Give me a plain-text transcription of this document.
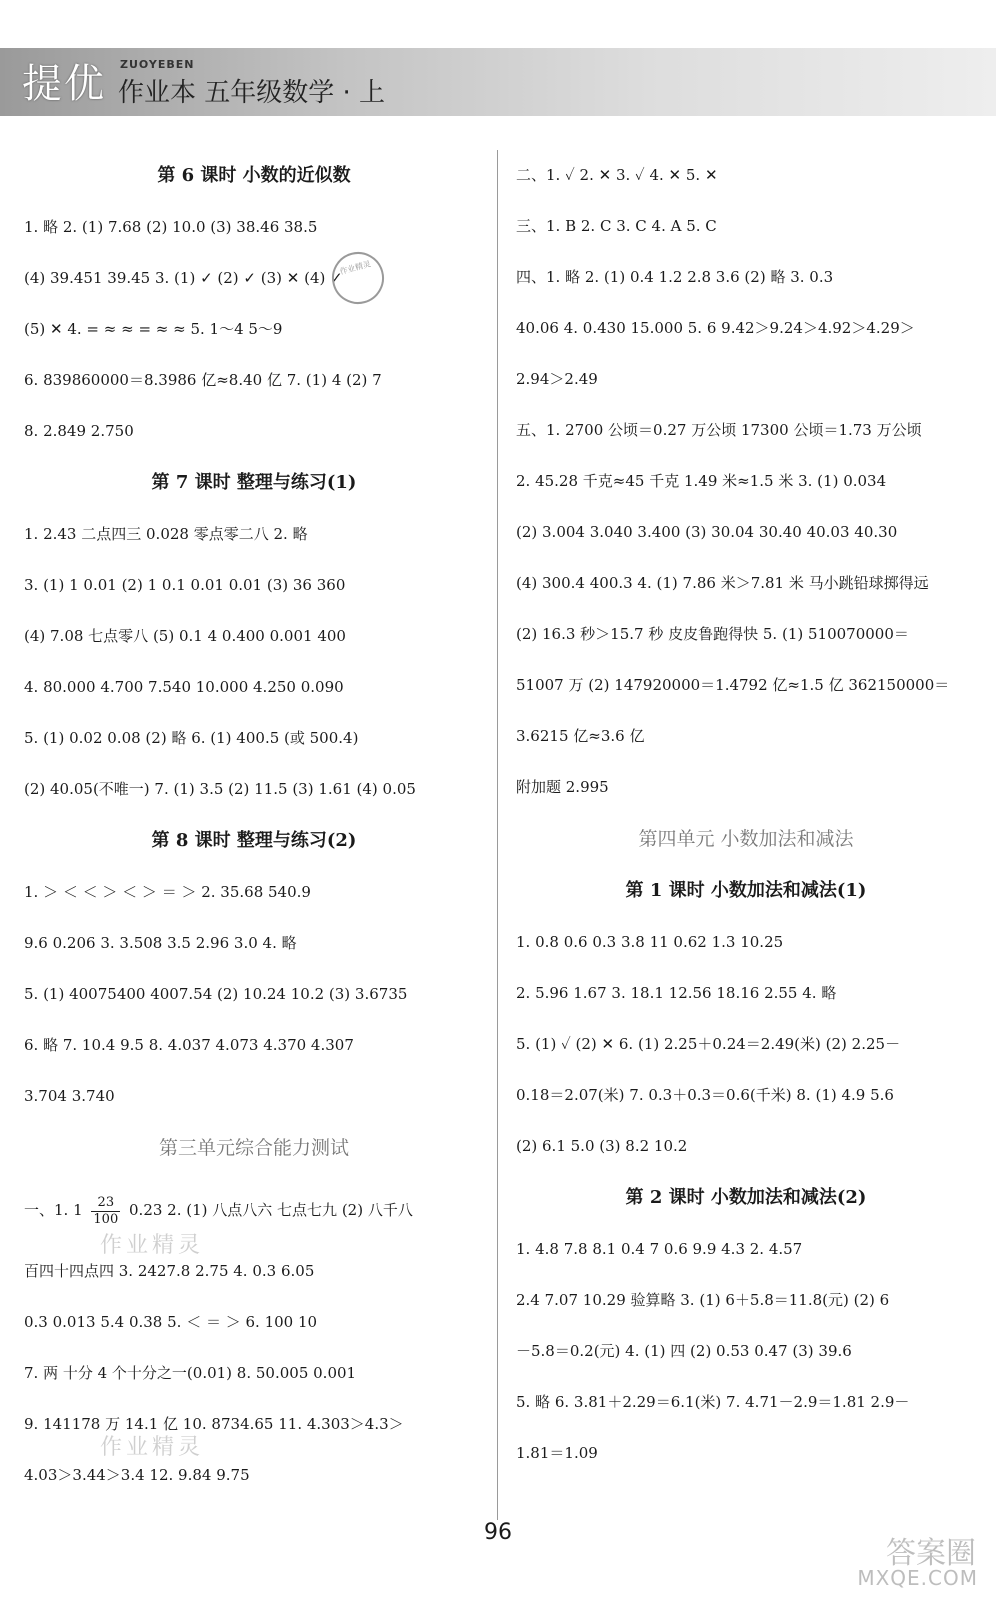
提优 ZUOYEBEN
作业本 五年级数学 · 上
第 6 课时 小数的近似数
1. 略 2. (1) 7.68 (2) 10.0 (3) 38.46 38.5
(4) 39.451 39.45 3. (1) ✓ (2) ✓ (3) ✕ (4) ✓
(5) ✕ 4. = ≈ ≈ = ≈ ≈ 5. 1～4 5～9
6. 839860000＝8.3986 亿≈8.40 亿 7. (1) 4 (2) 7
8. 2.849 2.750
第 7 课时 整理与练习(1)
1. 2.43 二点四三 0.028 零点零二八 2. 略
3. (1) 1 0.01 (2) 1 0.1 0.01 0.01 (3) 36 360
(4) 7.08 七点零八 (5) 0.1 4 0.400 0.001 400
4. 80.000 4.700 7.540 10.000 4.250 0.090
5. (1) 0.02 0.08 (2) 略 6. (1) 400.5 (或 500.4)
(2) 40.05(不唯一) 7. (1) 3.5 (2) 11.5 (3) 1.61 (4) 0.05
第 8 课时 整理与练习(2)
1. ＞ ＜ ＜ ＞ ＜ ＞ ＝ ＞ 2. 35.68 540.9
9.6 0.206 3. 3.508 3.5 2.96 3.0 4. 略
5. (1) 40075400 4007.54 (2) 10.24 10.2 (3) 3.6735
6. 略 7. 10.4 9.5 8. 4.037 4.073 4.370 4.307
3.704 3.740
第三单元综合能力测试
一、1. $1 \frac{23}{100} 0.23$ 2. (1) 八点八六 七点七九 (2) 八千八
百四十四点四 3. 2427.8 2.75 4. 0.3 6.05
0.3 0.013 5.4 0.38 5. ＜ ＝ ＞ 6. 100 10
7. 两 十分 4 个十分之一(0.01) 8. 50.005 0.001
9. 141178 万 14.1 亿 10. 8734.65 11. 4.303＞4.3＞
4.03＞3.44＞3.4 12. 9.84 9.75
二、1. ✓ 2. ✕ 3. ✓ 4. ✕ 5. ✕
三、1. B 2. C 3. C 4. A 5. C
四、1. 略 2. (1) 0.4 1.2 2.8 3.6 (2) 略 3. 0.3
40.06 4. 0.430 15.000 5. 6 9.42＞9.24＞4.92＞4.29＞
2.94＞2.49
五、1. 2700 公顷＝0.27 万公顷 17300 公顷＝1.73 万公顷
2. 45.28 千克≈45 千克 1.49 米≈1.5 米 3. (1) 0.034
(2) 3.004 3.040 3.400 (3) 30.04 30.40 40.03 40.30
(4) 300.4 400.3 4. (1) 7.86 米＞7.81 米 马小跳铅球掷得远
(2) 16.3 秒＞15.7 秒 皮皮鲁跑得快 5. (1) 510070000＝
51007 万 (2) 147920000＝1.4792 亿≈1.5 亿 362150000＝
3.6215 亿≈3.6 亿
附加题 2.995
第四单元 小数加法和减法
第 1 课时 小数加法和减法(1)
1. 0.8 0.6 0.3 3.8 11 0.62 1.3 10.25
2. 5.96 1.67 3. 18.1 12.56 18.16 2.55 4. 略
5. (1) ✓ (2) ✕ 6. (1) 2.25＋0.24＝2.49(米) (2) 2.25－
0.18＝2.07(米) 7. 0.3＋0.3＝0.6(千米) 8. (1) 4.9 5.6
(2) 6.1 5.0 (3) 8.2 10.2
第 2 课时 小数加法和减法(2)
1. 4.8 7.8 8.1 0.4 7 0.6 9.9 4.3 2. 4.57
2.4 7.07 10.29 验算略 3. (1) 6＋5.8＝11.8(元) (2) 6
－5.8＝0.2(元) 4. (1) 四 (2) 0.53 0.47 (3) 39.6
5. 略 6. 3.81＋2.29＝6.1(米) 7. 4.71－2.9＝1.81 2.9－
1.81＝1.09
作业精灵
作业精灵
作业精灵
96
答案圈
MXQE.COM
